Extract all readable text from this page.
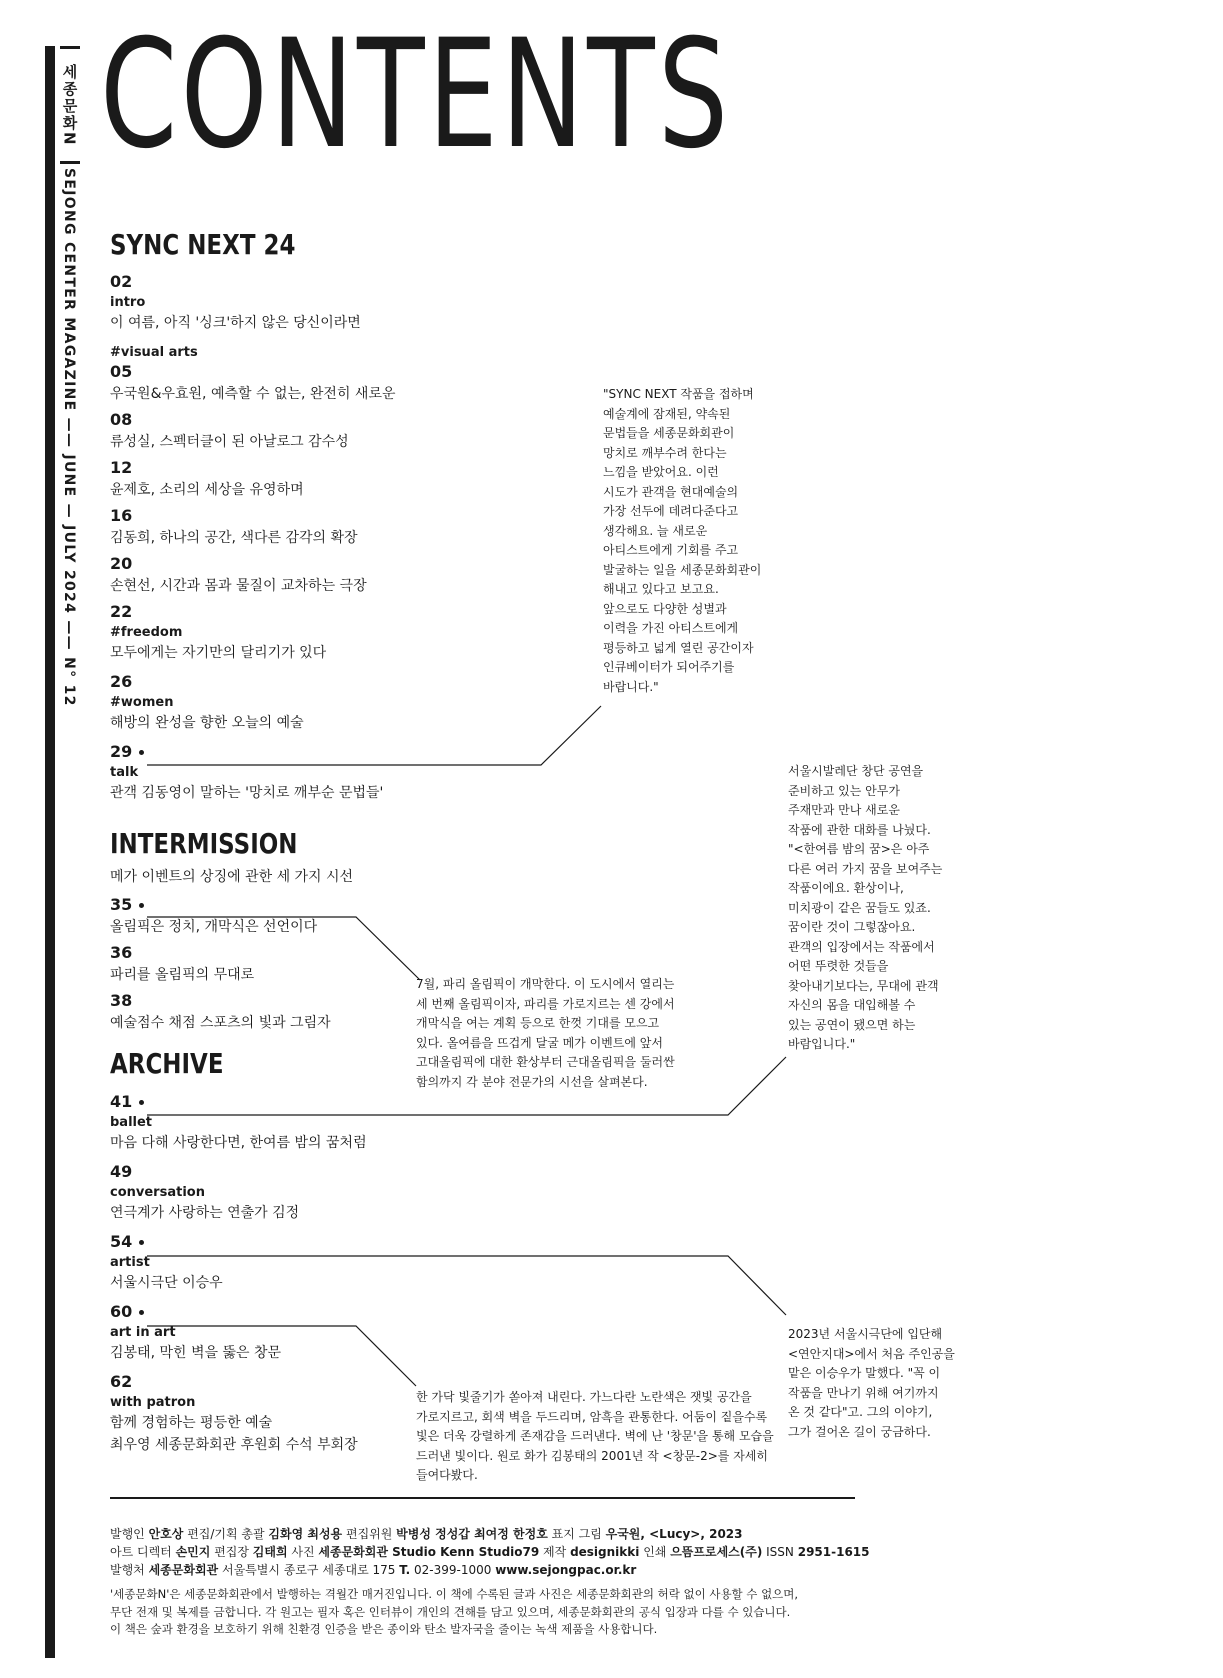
세종문화N
SEJONG CENTER MAGAZINE —— JUNE — JULY 2024 —— N° 12
CONTENTS
SYNC NEXT 24
02
intro
이 여름, 아직 '싱크'하지 않은 당신이라면
#visual arts
05
우국원&우효원, 예측할 수 없는, 완전히 새로운
08
류성실, 스펙터클이 된 아날로그 감수성
12
윤제호, 소리의 세상을 유영하며
16
김동희, 하나의 공간, 색다른 감각의 확장
20
손현선, 시간과 몸과 물질이 교차하는 극장
22
#freedom
모두에게는 자기만의 달리기가 있다
26
#women
해방의 완성을 향한 오늘의 예술
29
talk
관객 김동영이 말하는 '망치로 깨부순 문법들'
INTERMISSION
메가 이벤트의 상징에 관한 세 가지 시선
35
올림픽은 정치, 개막식은 선언이다
36
파리를 올림픽의 무대로
38
예술점수 채점 스포츠의 빛과 그림자
ARCHIVE
41
ballet
마음 다해 사랑한다면, 한여름 밤의 꿈처럼
49
conversation
연극계가 사랑하는 연출가 김정
54
artist
서울시극단 이승우
60
art in art
김봉태, 막힌 벽을 뚫은 창문
62
with patron
함께 경험하는 평등한 예술
최우영 세종문화회관 후원회 수석 부회장
"SYNC NEXT 작품을 접하며
예술계에 잠재된, 약속된
문법들을 세종문화회관이
망치로 깨부수려 한다는
느낌을 받았어요. 이런
시도가 관객을 현대예술의
가장 선두에 데려다준다고
생각해요. 늘 새로운
아티스트에게 기회를 주고
발굴하는 일을 세종문화회관이
해내고 있다고 보고요.
앞으로도 다양한 성별과
이력을 가진 아티스트에게
평등하고 넓게 열린 공간이자
인큐베이터가 되어주기를
바랍니다."
7월, 파리 올림픽이 개막한다. 이 도시에서 열리는
세 번째 올림픽이자, 파리를 가로지르는 센 강에서
개막식을 여는 계획 등으로 한껏 기대를 모으고
있다. 올여름을 뜨겁게 달굴 메가 이벤트에 앞서
고대올림픽에 대한 환상부터 근대올림픽을 둘러싼
함의까지 각 분야 전문가의 시선을 살펴본다.
서울시발레단 창단 공연을
준비하고 있는 안무가
주재만과 만나 새로운
작품에 관한 대화를 나눴다.
"<한여름 밤의 꿈>은 아주
다른 여러 가지 꿈을 보여주는
작품이에요. 환상이나,
미치광이 같은 꿈들도 있죠.
꿈이란 것이 그렇잖아요.
관객의 입장에서는 작품에서
어떤 뚜렷한 것들을
찾아내기보다는, 무대에 관객
자신의 몸을 대입해볼 수
있는 공연이 됐으면 하는
바람입니다."
2023년 서울시극단에 입단해
<연안지대>에서 처음 주인공을
맡은 이승우가 말했다. "꼭 이
작품을 만나기 위해 여기까지
온 것 같다"고. 그의 이야기,
그가 걸어온 길이 궁금하다.
한 가닥 빛줄기가 쏟아져 내린다. 가느다란 노란색은 잿빛 공간을
가로지르고, 회색 벽을 두드리며, 암흑을 관통한다. 어둠이 짙을수록
빛은 더욱 강렬하게 존재감을 드러낸다. 벽에 난 '창문'을 통해 모습을
드러낸 빛이다. 원로 화가 김봉태의 2001년 작 <창문-2>를 자세히
들여다봤다.
발행인 안호상 편집/기획 총괄 김화영 최성용 편집위원 박병성 정성갑 최여정 한정호 표지 그림 우국원, <Lucy>, 2023
아트 디렉터 손민지 편집장 김태희 사진 세종문화회관 Studio Kenn Studio79 제작 designikki 인쇄 으뜸프로세스(주) ISSN 2951-1615
발행처 세종문화회관 서울특별시 종로구 세종대로 175 T. 02-399-1000 www.sejongpac.or.kr
'세종문화N'은 세종문화회관에서 발행하는 격월간 매거진입니다. 이 책에 수록된 글과 사진은 세종문화회관의 허락 없이 사용할 수 없으며,
무단 전재 및 복제를 금합니다. 각 원고는 필자 혹은 인터뷰이 개인의 견해를 담고 있으며, 세종문화회관의 공식 입장과 다를 수 있습니다.
이 책은 숲과 환경을 보호하기 위해 친환경 인증을 받은 종이와 탄소 발자국을 줄이는 녹색 제품을 사용합니다.
